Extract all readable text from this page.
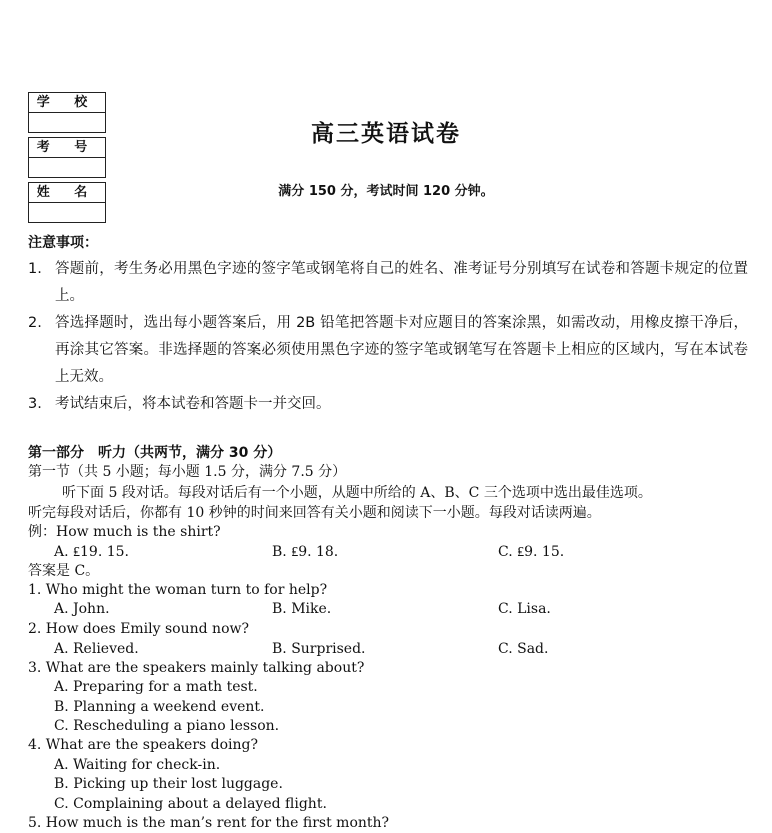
学 校
考 号
姓 名
高三英语试卷
满分 150 分，考试时间 120 分钟。
注意事项：
1. 答题前，考生务必用黑色字迹的签字笔或钢笔将自己的姓名、准考证号分别填写在试卷和答题卡规定的位置上。
2. 答选择题时，选出每小题答案后，用 2B 铅笔把答题卡对应题目的答案涂黑，如需改动，用橡皮擦干净后，再涂其它答案。非选择题的答案必须使用黑色字迹的签字笔或钢笔写在答题卡上相应的区域内，写在本试卷上无效。
3. 考试结束后，将本试卷和答题卡一并交回。
第一部分　听力（共两节，满分 30 分）
第一节（共 5 小题；每小题 1.5 分，满分 7.5 分）
听下面 5 段对话。每段对话后有一个小题，从题中所给的 A、B、C 三个选项中选出最佳选项。
听完每段对话后，你都有 10 秒钟的时间来回答有关小题和阅读下一小题。每段对话读两遍。
例：How much is the shirt?
A. ₤19. 15.	B. ₤9. 18.	C. ₤9. 15.
答案是 C。
1. Who might the woman turn to for help?
A. John.	B. Mike.	C. Lisa.
2. How does Emily sound now?
A. Relieved.	B. Surprised.	C. Sad.
3. What are the speakers mainly talking about?
A. Preparing for a math test.
B. Planning a weekend event.
C. Rescheduling a piano lesson.
4. What are the speakers doing?
A. Waiting for check-in.
B. Picking up their lost luggage.
C. Complaining about a delayed flight.
5. How much is the man’s rent for the first month?
